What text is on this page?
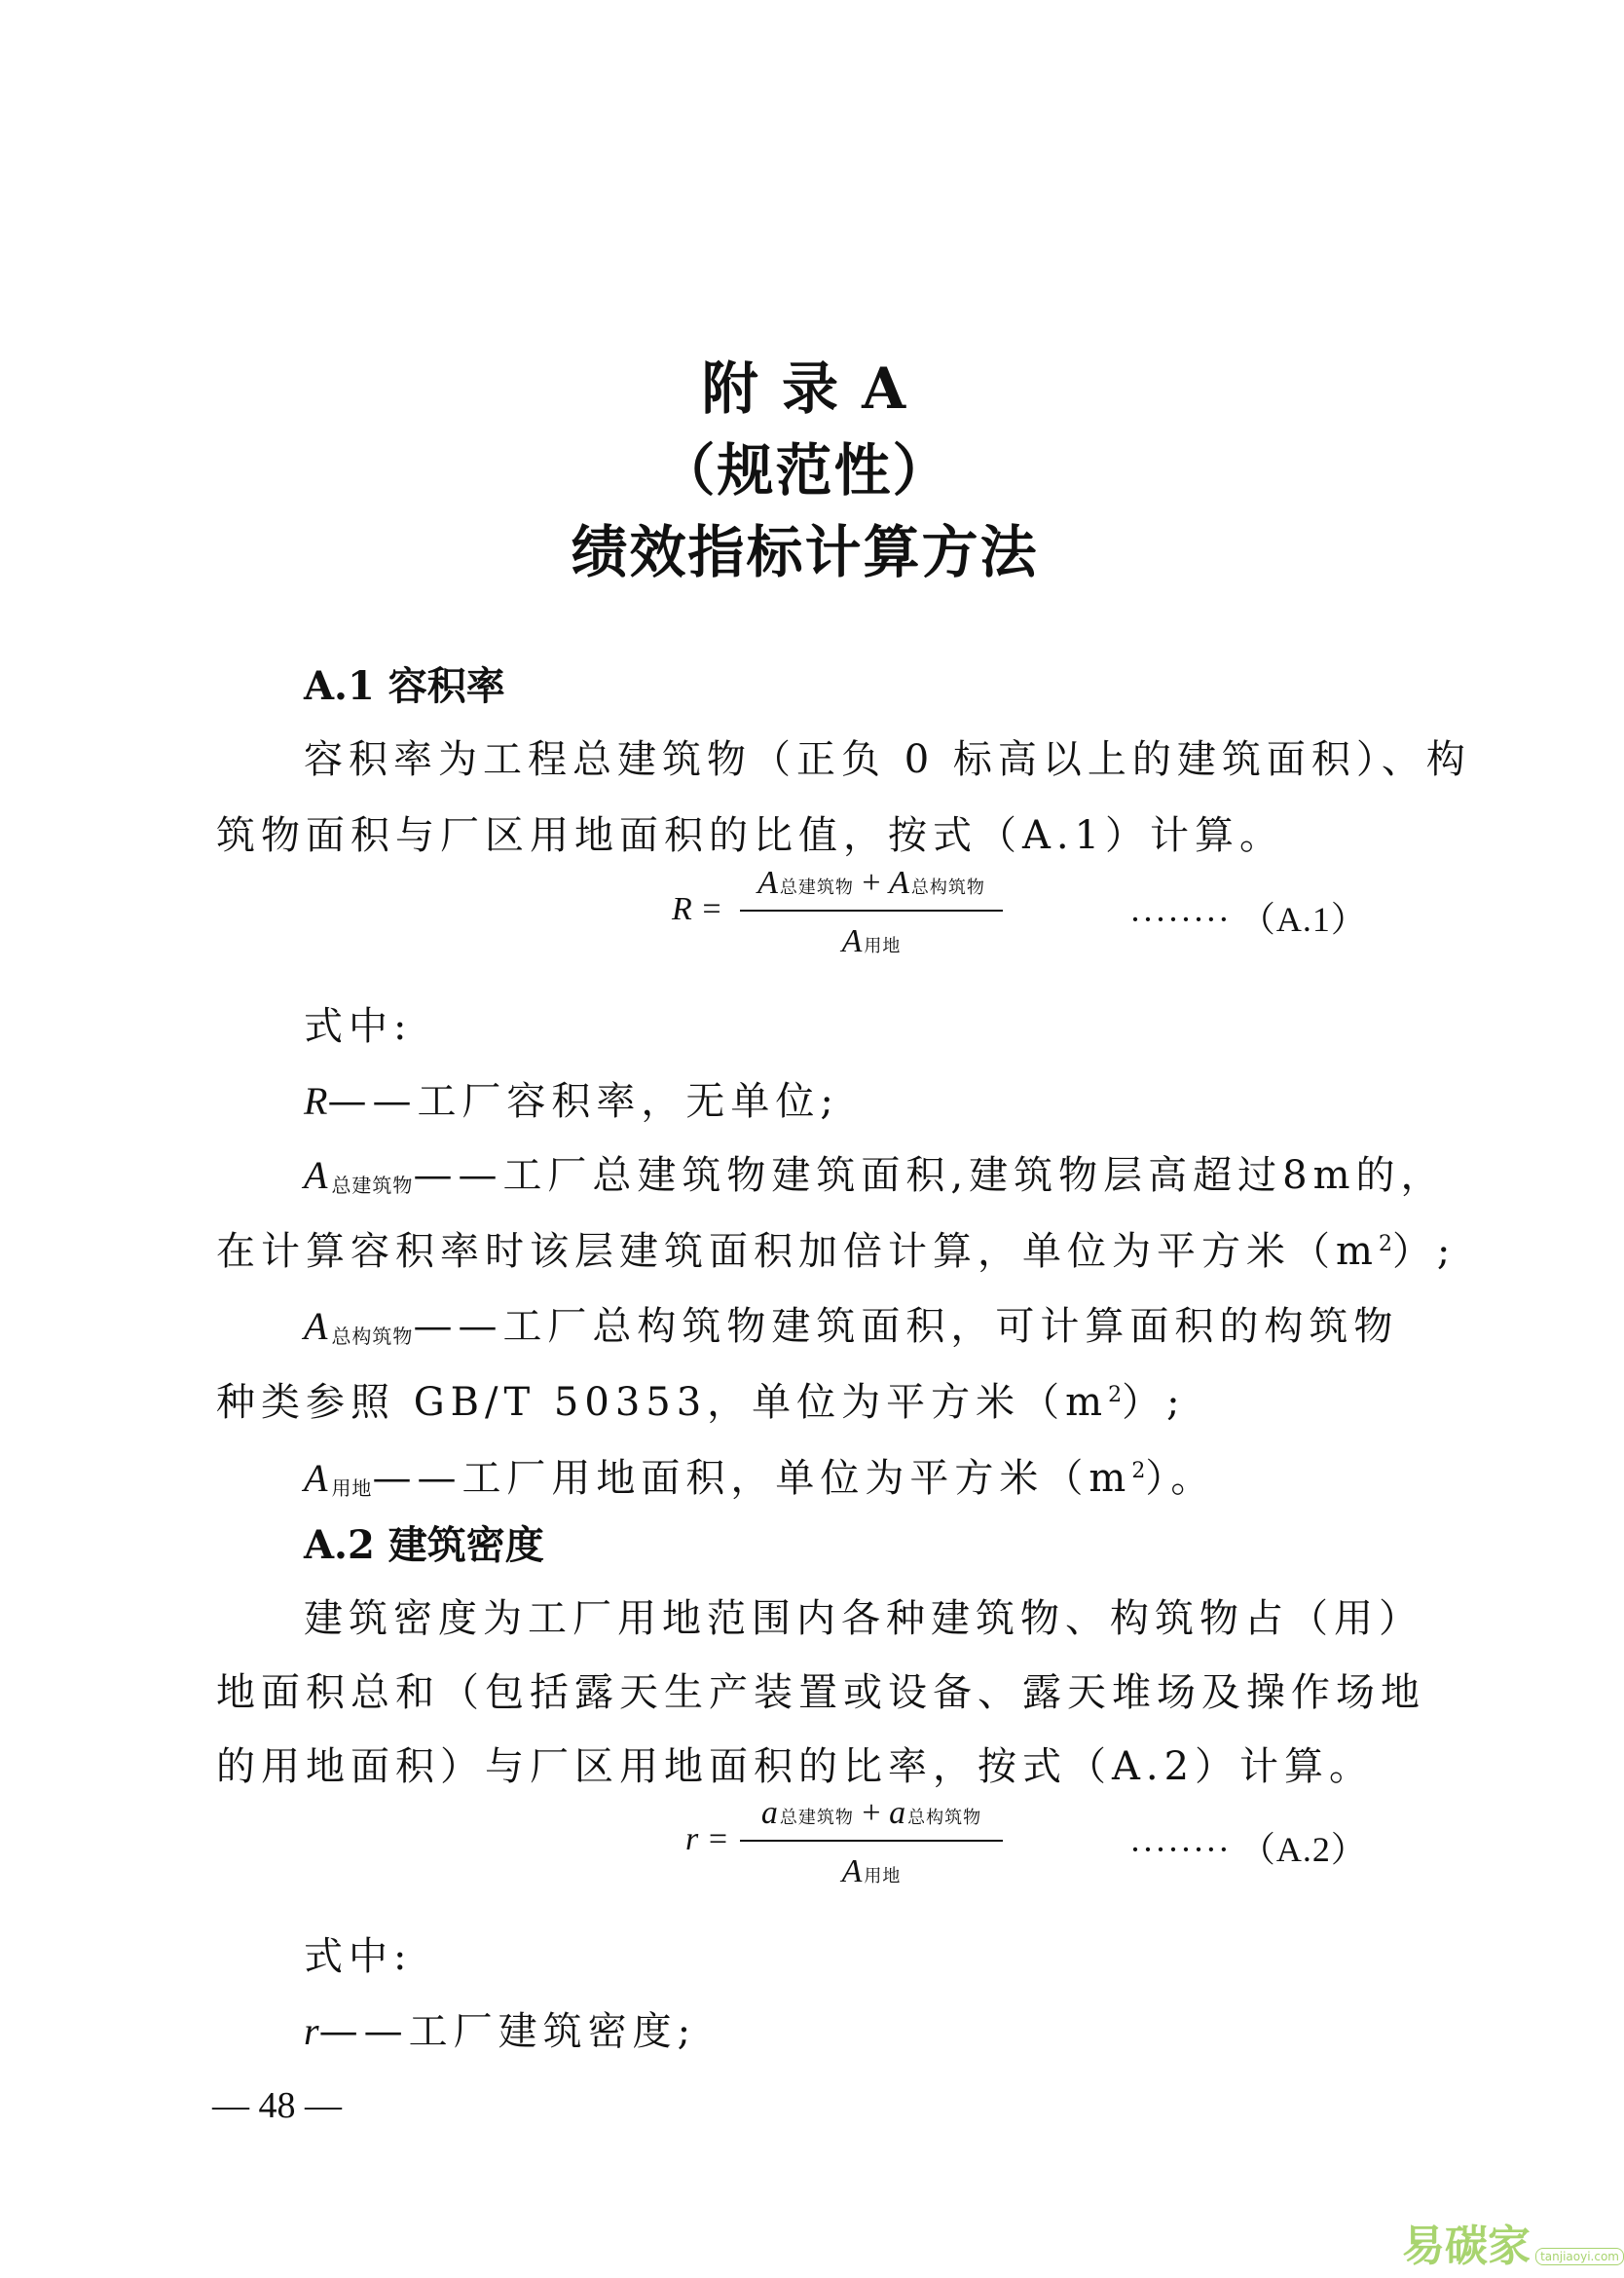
附 录 A
（规范性）
绩效指标计算方法
A.1 容积率
容积率为工程总建筑物（正负 0 标高以上的建筑面积）、构
筑物面积与厂区用地面积的比值，按式（A.1）计算。
R =
A总建筑物 + A 总构筑物
A用地
········ （A.1）
式中:
R——工厂容积率，无单位;
A $_{总建筑物}$——工厂总建筑物建筑面积,建筑物层高超过8m的，
在计算容积率时该层建筑面积加倍计算，单位为平方米$(m^2)$;
A $_{总构筑物}$——工厂总构筑物建筑面积，可计算面积的构筑物
种类参照 GB/T 50353，单位为平方米$(m^2)$;
A $_{用地}$——工厂用地面积，单位为平方米$(m^2)$。
A.2 建筑密度
建筑密度为工厂用地范围内各种建筑物、构筑物占（用）
地面积总和（包括露天生产装置或设备、露天堆场及操作场地
的用地面积）与厂区用地面积的比率，按式（A.2）计算。
r =
a总建筑物 + a 总构筑物
A用地
········ （A.2）
式中:
r——工厂建筑密度;
— 48 —
易碳家 tanjiaoyi.com
